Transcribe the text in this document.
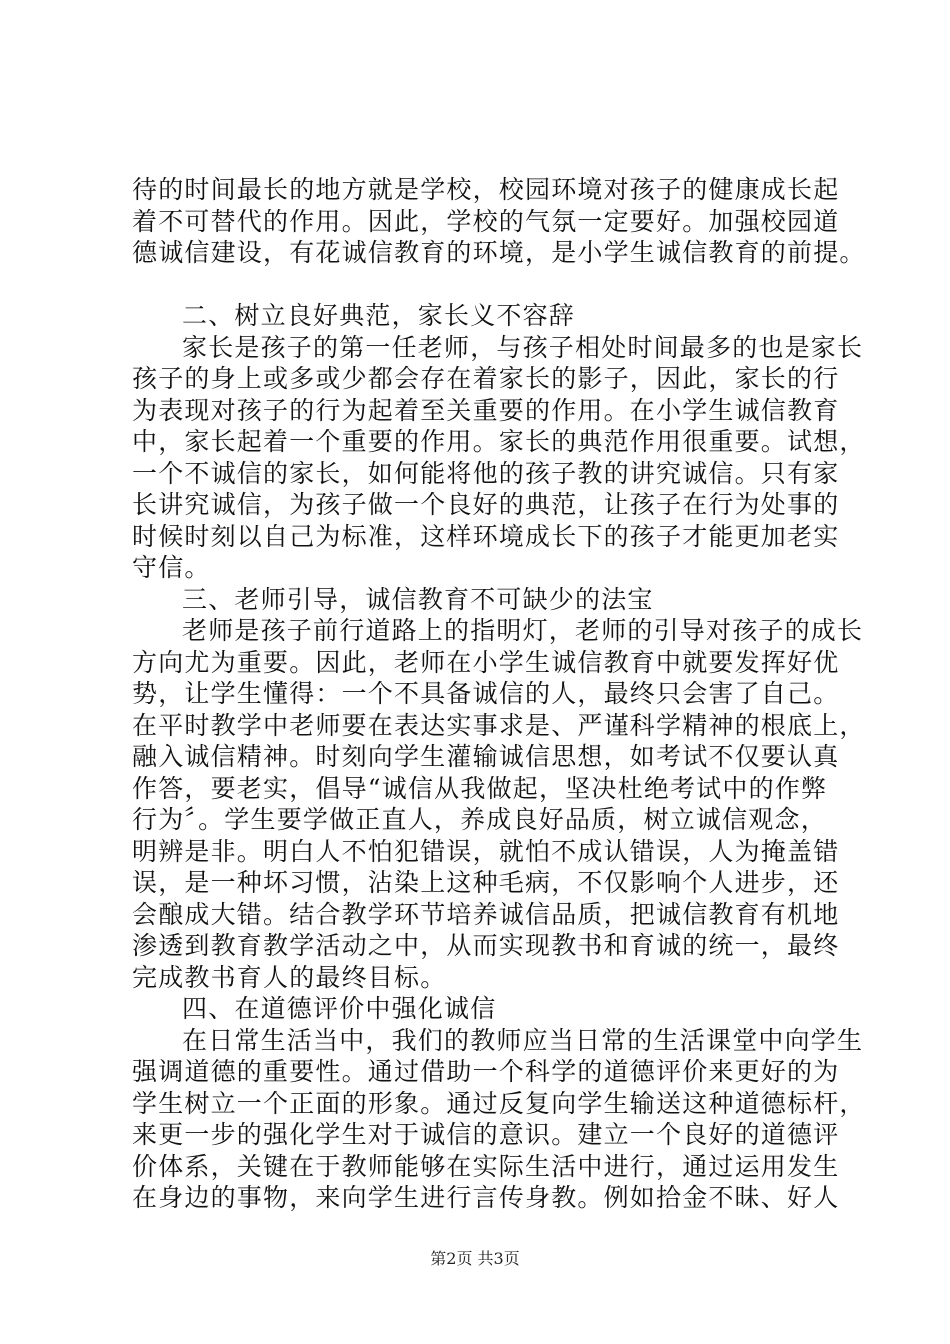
待的时间最长的地方就是学校，校园环境对孩子的健康成长起
着不可替代的作用。因此，学校的气氛一定要好。加强校园道
德诚信建设，有花诚信教育的环境，是小学生诚信教育的前提。
二、树立良好典范，家长义不容辞
家长是孩子的第一任老师，与孩子相处时间最多的也是家长
孩子的身上或多或少都会存在着家长的影子，因此，家长的行
为表现对孩子的行为起着至关重要的作用。在小学生诚信教育
中，家长起着一个重要的作用。家长的典范作用很重要。试想，
一个不诚信的家长，如何能将他的孩子教的讲究诚信。只有家
长讲究诚信，为孩子做一个良好的典范，让孩子在行为处事的
时候时刻以自己为标准，这样环境成长下的孩子才能更加老实
守信。
三、老师引导，诚信教育不可缺少的法宝
老师是孩子前行道路上的指明灯，老师的引导对孩子的成长
方向尤为重要。因此，老师在小学生诚信教育中就要发挥好优
势，让学生懂得：一个不具备诚信的人，最终只会害了自己。
在平时教学中老师要在表达实事求是、严谨科学精神的根底上，
融入诚信精神。时刻向学生灌输诚信思想，如考试不仅要认真
作答，要老实，倡导“诚信从我做起，坚决杜绝考试中的作弊
行为〞。学生要学做正直人，养成良好品质，树立诚信观念，
明辨是非。明白人不怕犯错误，就怕不成认错误，人为掩盖错
误，是一种坏习惯，沾染上这种毛病，不仅影响个人进步，还
会酿成大错。结合教学环节培养诚信品质，把诚信教育有机地
渗透到教育教学活动之中，从而实现教书和育诚的统一，最终
完成教书育人的最终目标。
四、在道德评价中强化诚信
在日常生活当中，我们的教师应当日常的生活课堂中向学生
强调道德的重要性。通过借助一个科学的道德评价来更好的为
学生树立一个正面的形象。通过反复向学生输送这种道德标杆，
来更一步的强化学生对于诚信的意识。建立一个良好的道德评
价体系，关键在于教师能够在实际生活中进行，通过运用发生
在身边的事物，来向学生进行言传身教。例如拾金不昧、好人
第2页 共3页
